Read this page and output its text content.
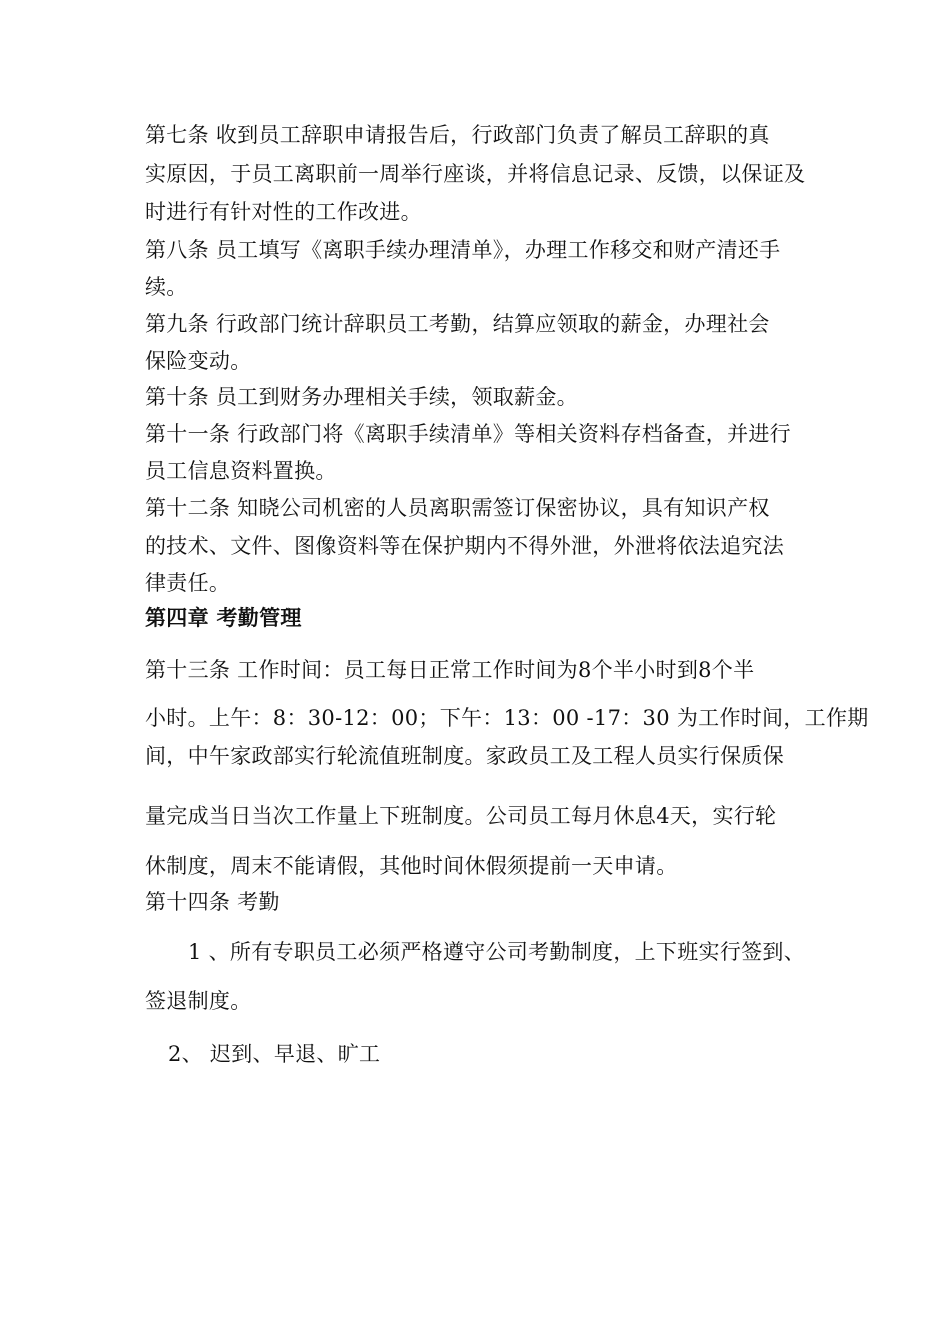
第七条 收到员工辞职申请报告后，行政部门负责了解员工辞职的真
实原因，于员工离职前一周举行座谈，并将信息记录、反馈，以保证及
时进行有针对性的工作改进。
第八条 员工填写《离职手续办理清单》，办理工作移交和财产清还手
续。
第九条 行政部门统计辞职员工考勤，结算应领取的薪金，办理社会
保险变动。
第十条 员工到财务办理相关手续，领取薪金。
第十一条 行政部门将《离职手续清单》等相关资料存档备查，并进行
员工信息资料置换。
第十二条 知晓公司机密的人员离职需签订保密协议，具有知识产权
的技术、文件、图像资料等在保护期内不得外泄，外泄将依法追究法
律责任。
第四章 考勤管理
第十三条 工作时间：员工每日正常工作时间为8个半小时到8个半
小时。上午：8：30-12：00；下午：13：00 -17：30 为工作时间，工作期
间，中午家政部实行轮流值班制度。家政员工及工程人员实行保质保
量完成当日当次工作量上下班制度。公司员工每月休息4天，实行轮
休制度，周末不能请假，其他时间休假须提前一天申请。
第十四条 考勤
1 、所有专职员工必须严格遵守公司考勤制度，上下班实行签到、
签退制度。
2、 迟到、早退、旷工
